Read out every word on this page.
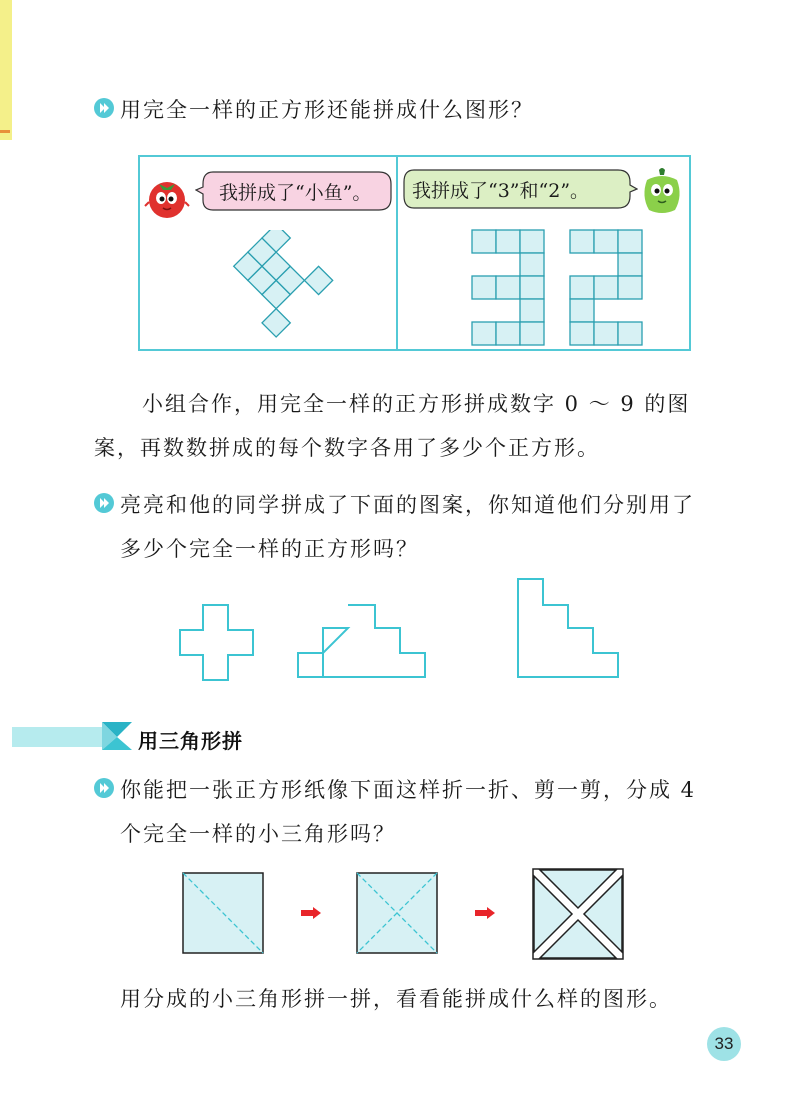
用完全一样的正方形还能拼成什么图形？
我拼成了“小鱼”。 我拼成了“3”和“2”。
小组合作，用完全一样的正方形拼成数字 0 ～ 9 的图
案，再数数拼成的每个数字各用了多少个正方形。
亮亮和他的同学拼成了下面的图案，你知道他们分别用了
多少个完全一样的正方形吗？
用三角形拼
你能把一张正方形纸像下面这样折一折、剪一剪，分成 4
个完全一样的小三角形吗？
用分成的小三角形拼一拼，看看能拼成什么样的图形。
33
